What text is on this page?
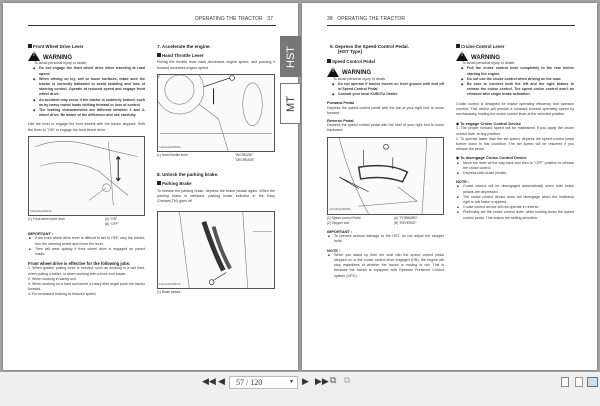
OPERATING THE TRACTOR 37
HST
MT
Front Wheel Drive Lever
!
WARNING
To avoid personal injury or death:
◆ Do not engage the front wheel drive when traveling at road speed.
◆ When driving on icy, wet or loose surfaces, make sure the tractor is correctly ballasted to avoid skidding and loss of steering control. Operate at reduced speed and engage front wheel drive.
◆ An accident may occur if the tractor is suddenly braked, such as by heavy towed loads shifting forward or loss of control.
◆ The braking characteristics are different between 2 and 4-wheel drive. Be aware of the difference and use carefully.
Use the lever to engage the front wheels with the tractor stopped. Shift the lever to "ON" to engage the front wheel drive.
1AGAAAAAP021A
(1) Front wheel drive lever	(A) "ON"
(B) "OFF"
IMPORTANT :
■ If the front wheel drive lever is difficult to set to OFF, stop the tractor, turn the steering wheel and move the lever.
■ Tires will wear quickly if front wheel drive is engaged on paved roads.
Front wheel drive is effective for the following jobs:
1. When greater pulling force is needed, such as working in a wet field, when pulling a trailer, or when working with a front-end loader.
2. When working in sandy soil.
3. When working on a hard soil where a rotary tiller might push the tractor forward.
4. For increased braking at reduced speed.
7. Accelerate the engine.
Hand Throttle Lever
Pulling the throttle lever back decreases engine speed, and pushing it forward increases engine speed.
1AGAAAAAP020A
(1) Hand throttle lever	"INCREASE"
"DECREASE"
8. Unlock the parking brake.
Parking Brake
To release the parking brake, depress the brake pedals again. When the parking brake is released, parking brake indicator in the Easy Checker(TM) goes off.
1AGAAAAAP027A
(1) Brake pedals
38 OPERATING THE TRACTOR
9. Depress the Speed Control Pedal.
[HST Type]
Speed Control Pedal
!
WARNING
To avoid personal injury or death:
◆ Do not operate if tractor moves on level ground with foot off of Speed Control Pedal.
◆ Consult your local KUBOTA Dealer.
Forward Pedal
Depress the speed control pedal with the toe of your right foot to move forward.
Reverse Pedal
Depress the speed control pedal with the heel of your right foot to move backward.
1AGAPCAAP005A
(1) Speed control Pedal
(2) Stopper bolt
(A) "FORWARD"
(B) "REVERSE"
IMPORTANT :
■ To prevent serious damage to the HST, do not adjust the stopper bolts.
NOTE :
■ When you stand up from the seat with the speed control pedal stepped on or the cruise control lever engaged (ON), the engine will stop regardless of whether the tractor is moving or not. This is because the tractor is equipped with Operator Presence Control system (OPC).
Cruise Control Lever
!
WARNING
To avoid personal injury or death:
◆ Pull the cruise control lever completely to the rear before starting the engine.
◆ Do not use the cruise control when driving on the road.
◆ Be sure to connect both the left and the right brakes to release the cruise control. The speed cruise control won't be released with single brake activation.
Cruise control is designed for tractor operating efficiency and operator comfort. This device will provide a constant forward operating speed by mechanically holding the cruise control lever at the selected position.
◆ To engage Cruise Control Device
1. The proper forward speed will be maintained if you apply the cruise control lever at any position.
2. To operate faster than the set speed, depress the speed control pedal further down in this condition. The set speed will be resumed if you release the pedal.
◆ To disengage Cruise Control Device
■ Move the lever all the way back and then to "OFF" position to release the cruise control.
■ Depress both brake pedals.
NOTE :
■ Cruise control will be disengaged automatically when both brake pedals are depressed.
■ The cruise control device does not disengage when the individual right or left brake is applied.
■ Cruise control device will not operate in reverse.
■ Preferably set the cruise control lever, while holding down the speed control pedal. This makes the setting smoother.
◀◀ ◀	57 / 120	▼ ▶ ▶▶ ⧉ ⧉
